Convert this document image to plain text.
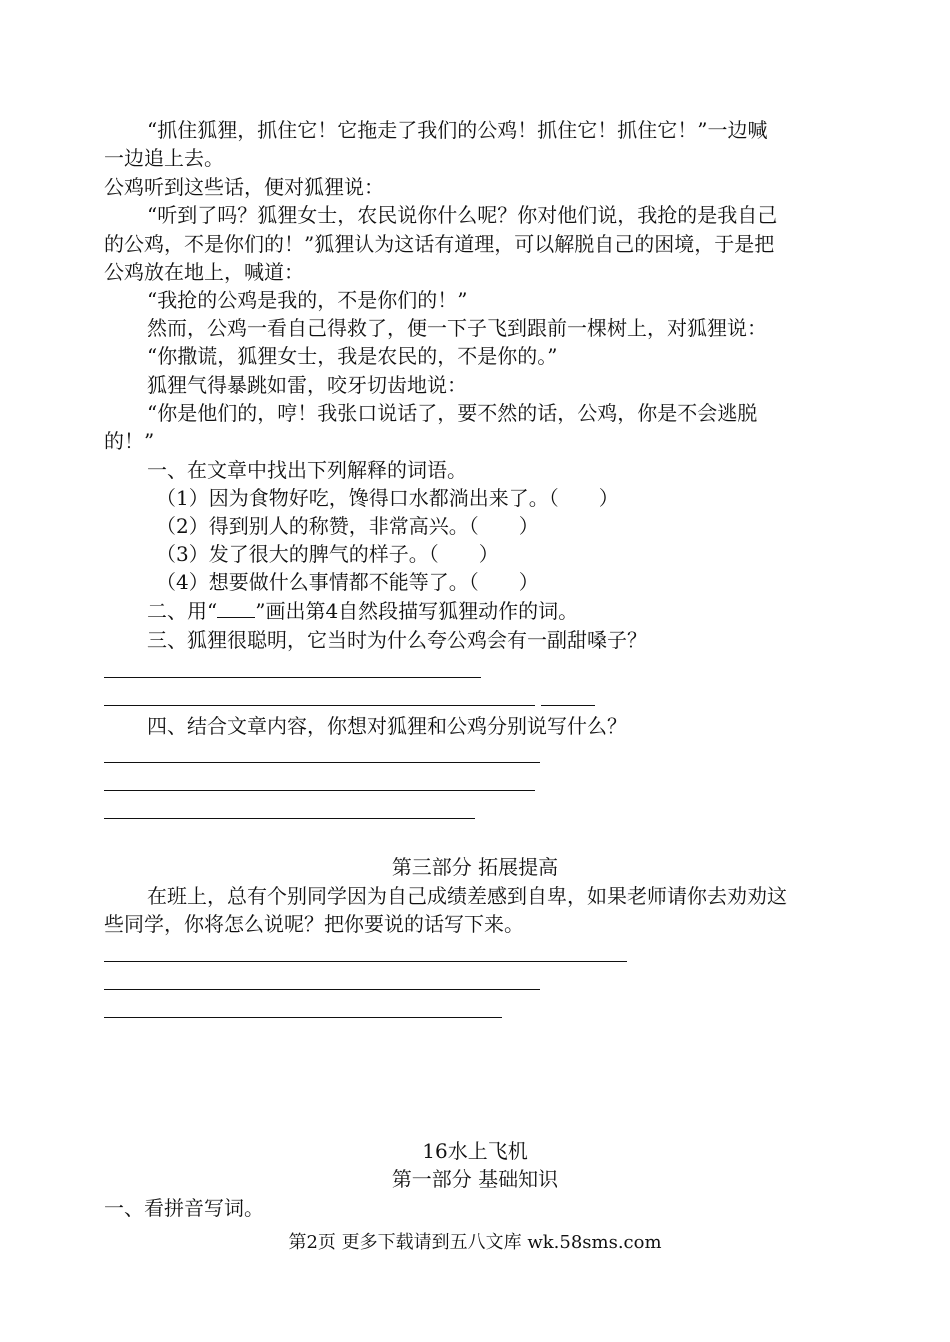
“抓住狐狸，抓住它！它拖走了我们的公鸡！抓住它！抓住它！”一边喊
一边追上去。
公鸡听到这些话，便对狐狸说：
“听到了吗？狐狸女士，农民说你什么呢？你对他们说，我抢的是我自己
的公鸡，不是你们的！”狐狸认为这话有道理，可以解脱自己的困境，于是把
公鸡放在地上，喊道：
“我抢的公鸡是我的，不是你们的！”
然而，公鸡一看自己得救了，便一下子飞到跟前一棵树上，对狐狸说：
“你撒谎，狐狸女士，我是农民的，不是你的。”
狐狸气得暴跳如雷，咬牙切齿地说：
“你是他们的，哼！我张口说话了，要不然的话，公鸡，你是不会逃脱
的！”
一、在文章中找出下列解释的词语。
（1）因为食物好吃，馋得口水都淌出来了。（　　）
（2）得到别人的称赞，非常高兴。（　　）
（3）发了很大的脾气的样子。（　　）
（4）想要做什么事情都不能等了。（　　）
二、用“ ”画出第4自然段描写狐狸动作的词。
三、狐狸很聪明，它当时为什么夸公鸡会有一副甜嗓子？
四、结合文章内容，你想对狐狸和公鸡分别说写什么？
第三部分 拓展提高
在班上，总有个别同学因为自己成绩差感到自卑，如果老师请你去劝劝这
些同学，你将怎么说呢？把你要说的话写下来。
16水上飞机
第一部分 基础知识
一、看拼音写词。
第2页 更多下载请到五八文库 wk.58sms.com
